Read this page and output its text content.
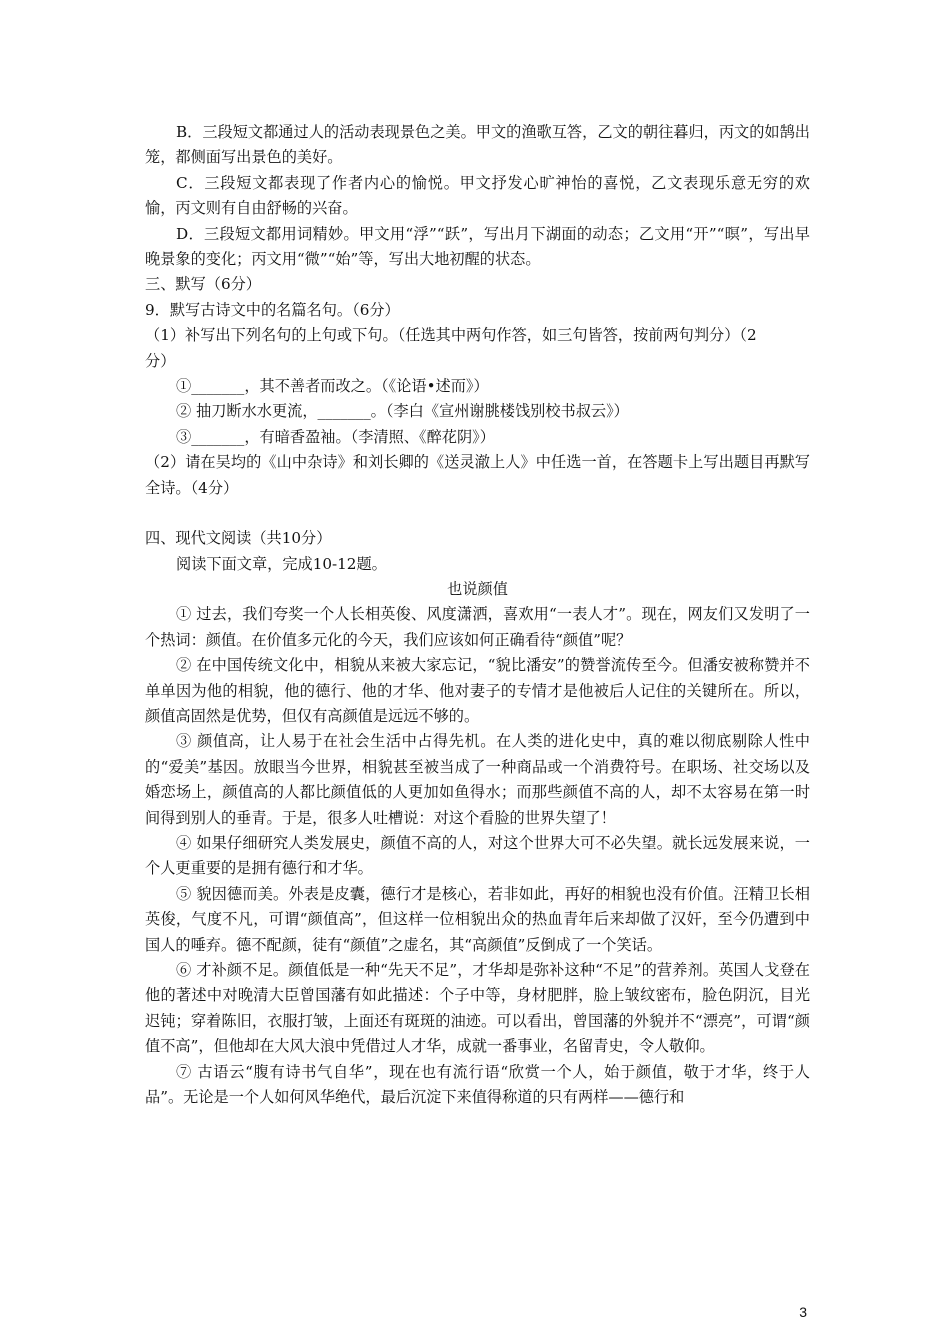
B．三段短文都通过人的活动表现景色之美。甲文的渔歌互答，乙文的朝往暮归，丙文的如鹄出笼，都侧面写出景色的美好。

C．三段短文都表现了作者内心的愉悦。甲文抒发心旷神怡的喜悦，乙文表现乐意无穷的欢愉，丙文则有自由舒畅的兴奋。

D．三段短文都用词精妙。甲文用“浮”“跃”，写出月下湖面的动态；乙文用“开”“暝”，写出早晚景象的变化；丙文用“微”“始”等，写出大地初醒的状态。

三、默写（6分）

9．默写古诗文中的名篇名句。（6分）

（1）补写出下列名句的上句或下句。（任选其中两句作答，如三句皆答，按前两句判分）（2

分）

①_______，其不善者而改之。（《论语•述而》）

② 抽刀断水水更流，_______。（李白《宣州谢朓楼饯别校书叔云》）

③_______，有暗香盈袖。（李清照、《醉花阴》）

（2）请在吴均的《山中杂诗》和刘长卿的《送灵澈上人》中任选一首，在答题卡上写出题目再默写全诗。（4分）

四、现代文阅读（共10分）

阅读下面文章，完成10-12题。

也说颜值

① 过去，我们夸奖一个人长相英俊、风度潇洒，喜欢用“一表人才”。现在，网友们又发明了一个热词：颜值。在价值多元化的今天，我们应该如何正确看待“颜值”呢？

② 在中国传统文化中，相貌从来被大家忘记，“貌比潘安”的赞誉流传至今。但潘安被称赞并不单单因为他的相貌，他的德行、他的才华、他对妻子的专情才是他被后人记住的关键所在。所以，颜值高固然是优势，但仅有高颜值是远远不够的。

③ 颜值高，让人易于在社会生活中占得先机。在人类的进化史中，真的难以彻底剔除人性中的“爱美”基因。放眼当今世界，相貌甚至被当成了一种商品或一个消费符号。在职场、社交场以及婚恋场上，颜值高的人都比颜值低的人更加如鱼得水；而那些颜值不高的人，却不太容易在第一时间得到别人的垂青。于是，很多人吐槽说：对这个看脸的世界失望了！

④ 如果仔细研究人类发展史，颜值不高的人，对这个世界大可不必失望。就长远发展来说，一个人更重要的是拥有德行和才华。

⑤ 貌因德而美。外表是皮囊，德行才是核心，若非如此，再好的相貌也没有价值。汪精卫长相英俊，气度不凡，可谓“颜值高”，但这样一位相貌出众的热血青年后来却做了汉奸，至今仍遭到中国人的唾弃。德不配颜，徒有“颜值”之虚名，其“高颜值”反倒成了一个笑话。

⑥ 才补颜不足。颜值低是一种“先天不足”，才华却是弥补这种“不足”的营养剂。英国人戈登在他的著述中对晚清大臣曾国藩有如此描述：个子中等，身材肥胖，脸上皱纹密布，脸色阴沉，目光迟钝；穿着陈旧，衣服打皱，上面还有斑斑的油迹。可以看出，曾国藩的外貌并不“漂亮”，可谓“颜值不高”，但他却在大风大浪中凭借过人才华，成就一番事业，名留青史，令人敬仰。

⑦ 古语云“腹有诗书气自华”，现在也有流行语“欣赏一个人，始于颜值，敬于才华，终于人品”。无论是一个人如何风华绝代，最后沉淀下来值得称道的只有两样——德行和

3
